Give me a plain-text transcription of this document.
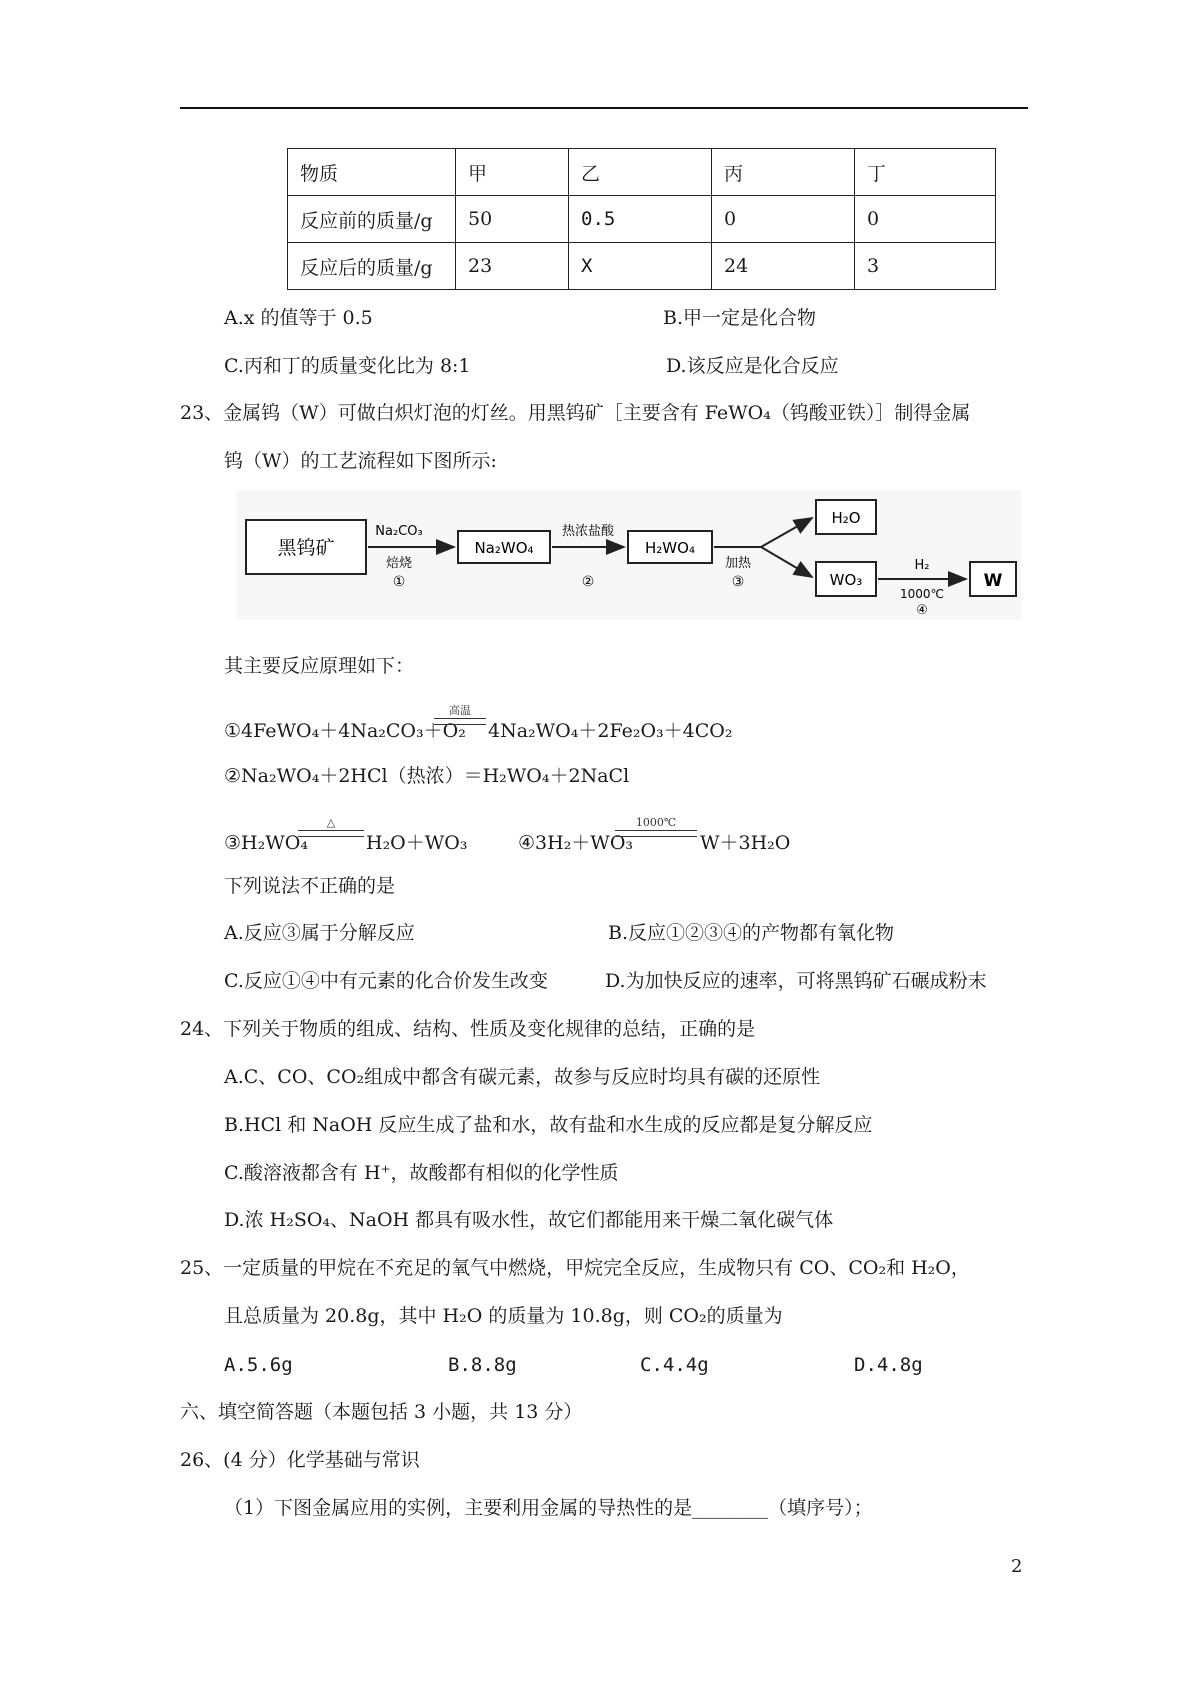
物质	甲	乙	丙	丁
反应前的质量/g	50	0.5	0	0
反应后的质量/g	23	X	24	3
A.x 的值等于 0.5	B.甲一定是化合物
C.丙和丁的质量变化比为 8:1	D.该反应是化合反应
23、金属钨（W）可做白炽灯泡的灯丝。用黑钨矿［主要含有 FeWO₄（钨酸亚铁）］制得金属
钨（W）的工艺流程如下图所示:
黑钨矿
Na₂CO₃
焙烧
①
Na₂WO₄
热浓盐酸
②
H₂WO₄
加热
③
H₂O
WO₃
H₂
1000℃
④
W
其主要反应原理如下：
①4FeWO₄＋4Na₂CO₃＋O₂
高温
4Na₂WO₄＋2Fe₂O₃＋4CO₂
②Na₂WO₄＋2HCl（热浓）＝H₂WO₄＋2NaCl
③H₂WO₄
△
H₂O＋WO₃	④3H₂＋WO₃
1000℃
W＋3H₂O
下列说法不正确的是
A.反应③属于分解反应	B.反应①②③④的产物都有氧化物
C.反应①④中有元素的化合价发生改变	D.为加快反应的速率，可将黑钨矿石碾成粉末
24、下列关于物质的组成、结构、性质及变化规律的总结，正确的是
A.C、CO、CO₂组成中都含有碳元素，故参与反应时均具有碳的还原性
B.HCl 和 NaOH 反应生成了盐和水，故有盐和水生成的反应都是复分解反应
C.酸溶液都含有 H⁺，故酸都有相似的化学性质
D.浓 H₂SO₄、NaOH 都具有吸水性，故它们都能用来干燥二氧化碳气体
25、一定质量的甲烷在不充足的氧气中燃烧，甲烷完全反应，生成物只有 CO、CO₂和 H₂O，
且总质量为 20.8g，其中 H₂O 的质量为 10.8g，则 CO₂的质量为
A.5.6g	B.8.8g	C.4.4g	D.4.8g
六、填空简答题（本题包括 3 小题，共 13 分）
26、(4 分）化学基础与常识
（1）下图金属应用的实例，主要利用金属的导热性的是________（填序号）；
2
